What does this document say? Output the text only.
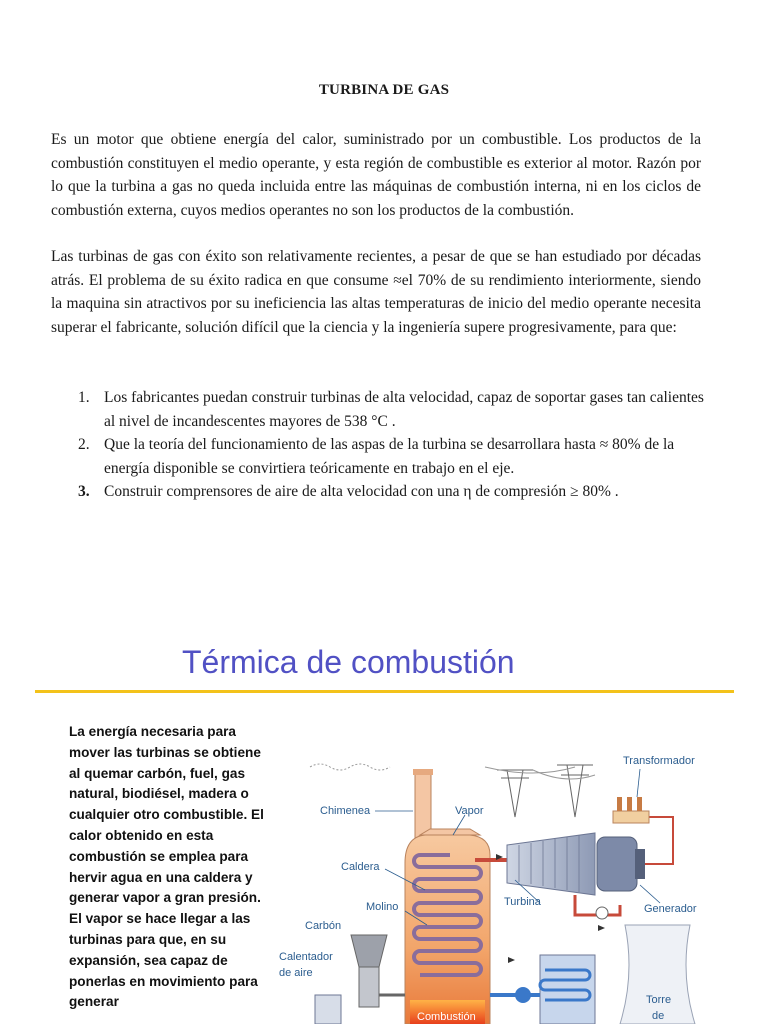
TURBINA DE GAS

Es un motor que obtiene energía del calor, suministrado por un combustible. Los productos de la combustión constituyen el medio operante, y esta región de combustible es exterior al motor. Razón por lo que la turbina a gas no queda incluida entre las máquinas de combustión interna, ni en los ciclos de combustión externa, cuyos medios operantes no son los productos de la combustión.

Las turbinas de gas con éxito son relativamente recientes, a pesar de que se han estudiado por décadas atrás. El problema de su éxito radica en que consume ≈el 70% de su rendimiento interiormente, siendo la maquina sin atractivos por su ineficiencia las altas temperaturas de inicio del medio operante necesita superar el fabricante, solución difícil que la ciencia y la ingeniería supere progresivamente, para que:

1. Los fabricantes puedan construir turbinas de alta velocidad, capaz de soportar gases tan calientes al nivel de incandescentes mayores de 538 °C .
2. Que la teoría del funcionamiento de las aspas de la turbina se desarrollara hasta ≈ 80% de la energía disponible se convirtiera teóricamente en trabajo en el eje.
3. Construir comprensores de aire de alta velocidad con una η de compresión ≥ 80% .
Térmica de combustión

La energía necesaria para mover las turbinas se obtiene al quemar carbón, fuel, gas natural, biodiésel, madera o cualquier otro combustible. El calor obtenido en esta combustión se emplea para hervir agua en una caldera y generar vapor a gran presión. El vapor se hace llegar a las turbinas para que, en su expansión, sea capaz de ponerlas en movimiento para generar

Transformador
Chimenea	Vapor
Caldera
Molino	Turbina
Generador
Carbón
Calentador
de aire
Torre
de
Combustión
